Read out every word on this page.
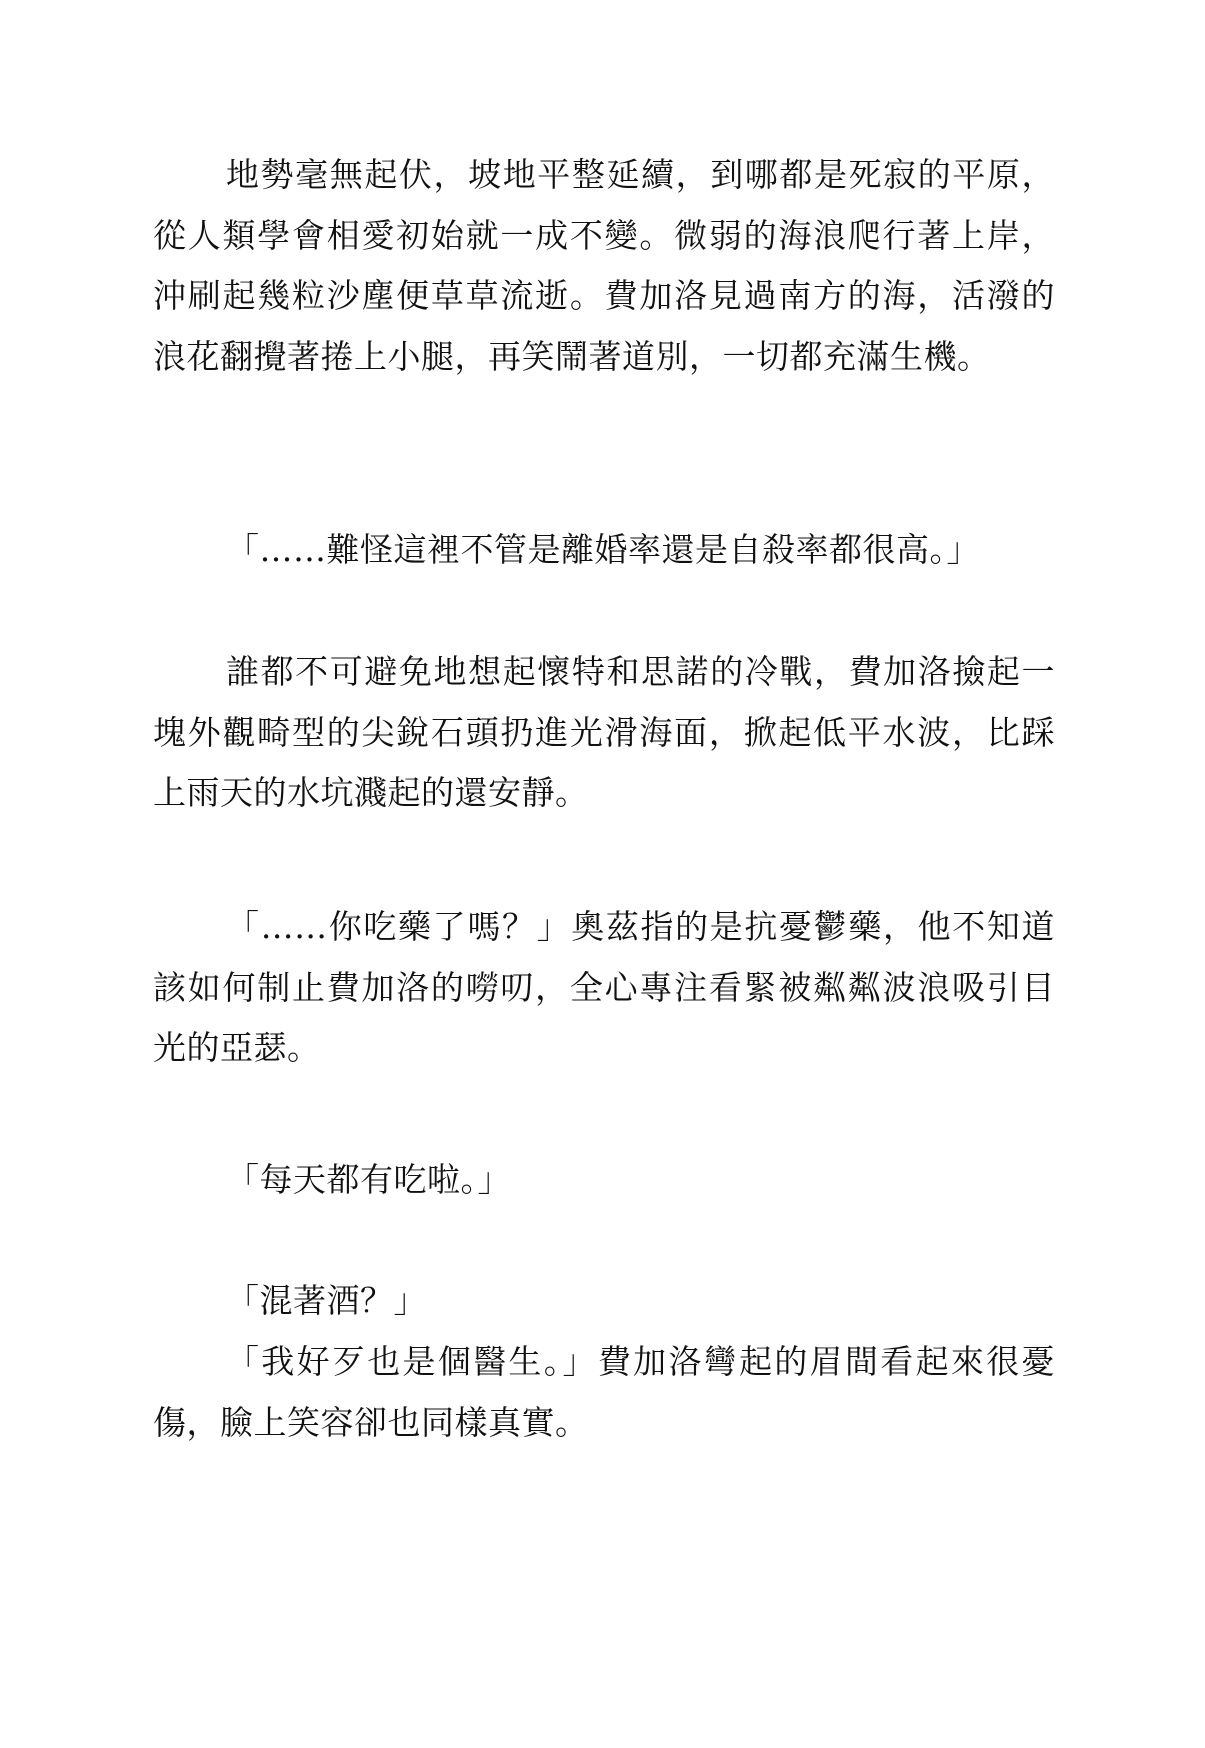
地勢毫無起伏，坡地平整延續，到哪都是死寂的平原，從人類學會相愛初始就一成不變。微弱的海浪爬行著上岸，沖刷起幾粒沙塵便草草流逝。費加洛見過南方的海，活潑的浪花翻攪著捲上小腿，再笑鬧著道別，一切都充滿生機。

「……難怪這裡不管是離婚率還是自殺率都很高。」

誰都不可避免地想起懷特和思諾的冷戰，費加洛撿起一塊外觀畸型的尖銳石頭扔進光滑海面，掀起低平水波，比踩上雨天的水坑濺起的還安靜。

「……你吃藥了嗎？」奧茲指的是抗憂鬱藥，他不知道該如何制止費加洛的嘮叨，全心專注看緊被粼粼波浪吸引目光的亞瑟。

「每天都有吃啦。」

「混著酒？」

「我好歹也是個醫生。」費加洛彎起的眉間看起來很憂傷，臉上笑容卻也同樣真實。
